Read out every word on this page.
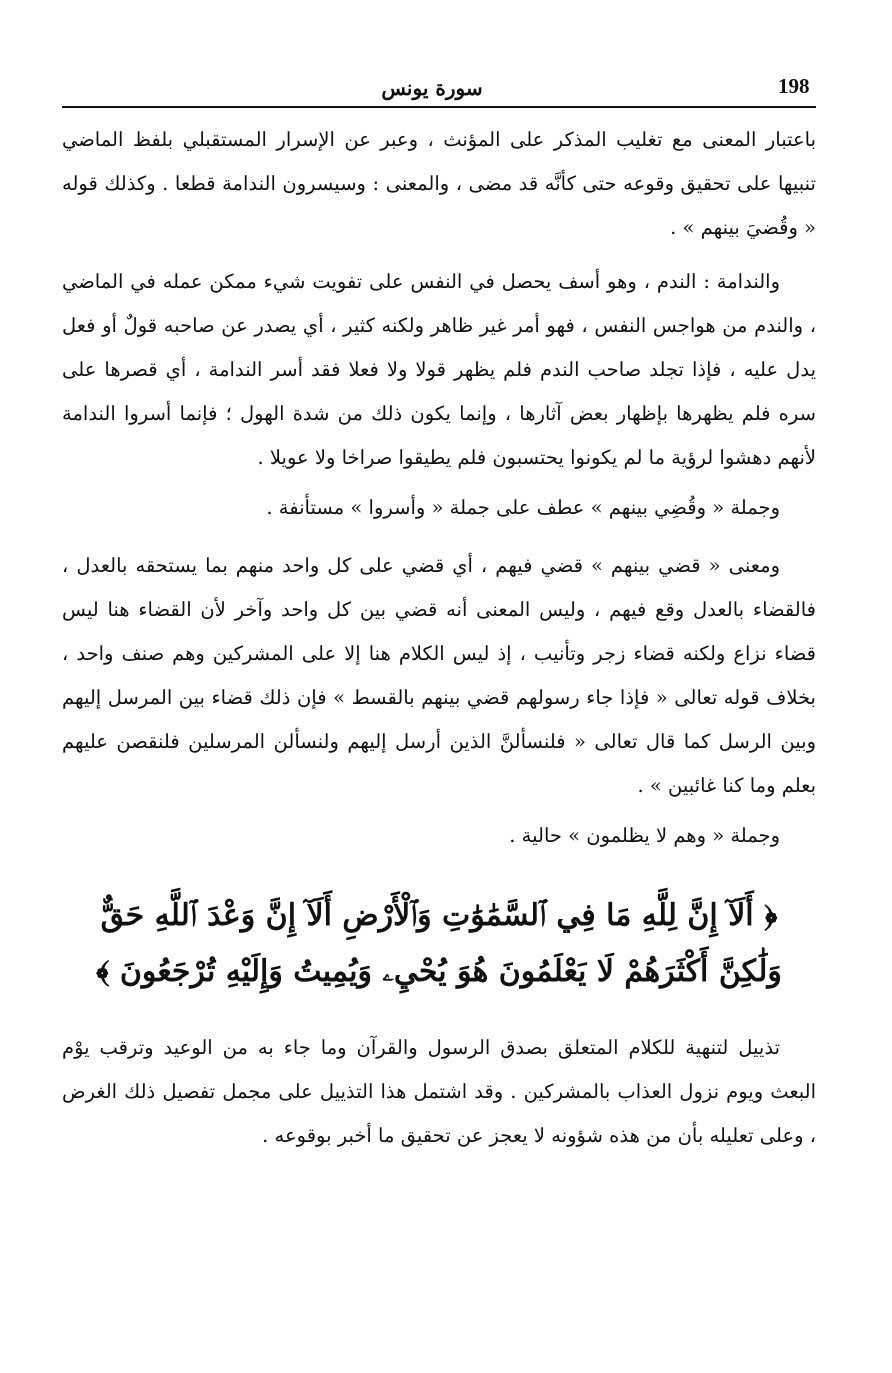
198
سورة يونس

باعتبار المعنى مع تغليب المذكر على المؤنث ، وعبر عن الإسرار المستقبلي بلفظ الماضي تنبيها على تحقيق وقوعه حتى كأنَّه قد مضى ، والمعنى : وسيسرون الندامة قطعا . وكذلك قوله « وقُضيَ بينهم » .

والندامة : الندم ، وهو أسف يحصل في النفس على تفويت شيء ممكن عمله في الماضي ، والندم من هواجس النفس ، فهو أمر غير ظاهر ولكنه كثير ، أي يصدر عن صاحبه قولٌ أو فعل يدل عليه ، فإذا تجلد صاحب الندم فلم يظهر قولا ولا فعلا فقد أسر الندامة ، أي قصرها على سره فلم يظهرها بإظهار بعض آثارها ، وإنما يكون ذلك من شدة الهول ؛ فإنما أسروا الندامة لأنهم دهشوا لرؤية ما لم يكونوا يحتسبون فلم يطيقوا صراخا ولا عويلا .

وجملة « وقُضِي بينهم » عطف على جملة « وأسروا » مستأنفة .

ومعنى « قضي بينهم » قضي فيهم ، أي قضي على كل واحد منهم بما يستحقه بالعدل ، فالقضاء بالعدل وقع فيهم ، وليس المعنى أنه قضي بين كل واحد وآخر لأن القضاء هنا ليس قضاء نزاع ولكنه قضاء زجر وتأنيب ، إذ ليس الكلام هنا إلا على المشركين وهم صنف واحد ، بخلاف قوله تعالى « فإذا جاء رسولهم قضي بينهم بالقسط » فإن ذلك قضاء بين المرسل إليهم وبين الرسل كما قال تعالى « فلنسألنَّ الذين أرسل إليهم ولنسألن المرسلين فلنقصن عليهم بعلم وما كنا غائبين » .

وجملة « وهم لا يظلمون » حالية .

﴿ أَلَآ إِنَّ لِلَّهِ مَا فِي ٱلسَّمَٰوَٰتِ وَٱلْأَرْضِ أَلَآ إِنَّ وَعْدَ ٱللَّهِ حَقٌّ وَلَٰكِنَّ أَكْثَرَهُمْ لَا يَعْلَمُونَ هُوَ يُحْيِۦ وَيُمِيتُ وَإِلَيْهِ تُرْجَعُونَ ﴾

تذييل لتنهية للكلام المتعلق بصدق الرسول والقرآن وما جاء به من الوعيد وترقب يوْم البعث ويوم نزول العذاب بالمشركين . وقد اشتمل هذا التذييل على مجمل تفصيل ذلك الغرض ، وعلى تعليله بأن من هذه شؤونه لا يعجز عن تحقيق ما أخبر بوقوعه .
